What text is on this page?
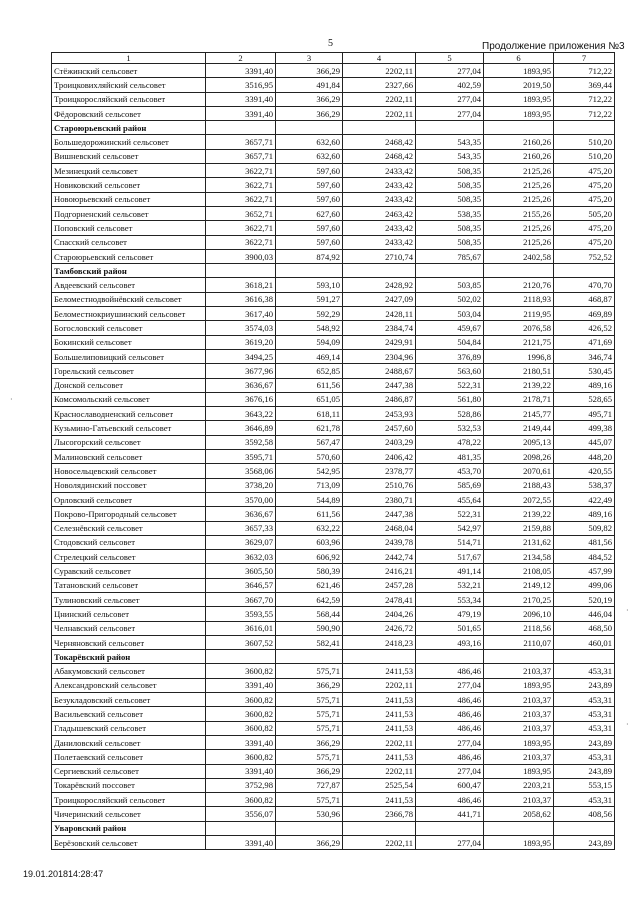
5	Продолжение приложения №3
1	2	3	4	5	6	7
Стёжинский сельсовет	3391,40	366,29	2202,11	277,04	1893,95	712,22
Троицковихляйский сельсовет	3516,95	491,84	2327,66	402,59	2019,50	369,44
Троицкоросляйский сельсовет	3391,40	366,29	2202,11	277,04	1893,95	712,22
Фёдоровский сельсовет	3391,40	366,29	2202,11	277,04	1893,95	712,22
Староюрьевский район						
Большедорожинский сельсовет	3657,71	632,60	2468,42	543,35	2160,26	510,20
Вишневский сельсовет	3657,71	632,60	2468,42	543,35	2160,26	510,20
Мезинецкий сельсовет	3622,71	597,60	2433,42	508,35	2125,26	475,20
Новиковский сельсовет	3622,71	597,60	2433,42	508,35	2125,26	475,20
Новоюрьевский сельсовет	3622,71	597,60	2433,42	508,35	2125,26	475,20
Подгорненский сельсовет	3652,71	627,60	2463,42	538,35	2155,26	505,20
Поповский сельсовет	3622,71	597,60	2433,42	508,35	2125,26	475,20
Спасский сельсовет	3622,71	597,60	2433,42	508,35	2125,26	475,20
Староюрьевский сельсовет	3900,03	874,92	2710,74	785,67	2402,58	752,52
Тамбовский район						
Авдеевский сельсовет	3618,21	593,10	2428,92	503,85	2120,76	470,70
Беломестнодвойнёвский сельсовет	3616,38	591,27	2427,09	502,02	2118,93	468,87
Беломестнокриушинский сельсовет	3617,40	592,29	2428,11	503,04	2119,95	469,89
Богословский сельсовет	3574,03	548,92	2384,74	459,67	2076,58	426,52
Бокинский сельсовет	3619,20	594,09	2429,91	504,84	2121,75	471,69
Большелиповицкий сельсовет	3494,25	469,14	2304,96	376,89	1996,8	346,74
Горельский сельсовет	3677,96	652,85	2488,67	563,60	2180,51	530,45
Донской сельсовет	3636,67	611,56	2447,38	522,31	2139,22	489,16
Комсомольский сельсовет	3676,16	651,05	2486,87	561,80	2178,71	528,65
Краснославодненский сельсовет	3643,22	618,11	2453,93	528,86	2145,77	495,71
Кузьмино-Гатьевский сельсовет	3646,89	621,78	2457,60	532,53	2149,44	499,38
Лысогорский сельсовет	3592,58	567,47	2403,29	478,22	2095,13	445,07
Малиновский сельсовет	3595,71	570,60	2406,42	481,35	2098,26	448,20
Новосельцевский сельсовет	3568,06	542,95	2378,77	453,70	2070,61	420,55
Новолядинский поссовет	3738,20	713,09	2510,76	585,69	2188,43	538,37
Орловский сельсовет	3570,00	544,89	2380,71	455,64	2072,55	422,49
Покрово-Пригородный сельсовет	3636,67	611,56	2447,38	522,31	2139,22	489,16
Селезнёвский сельсовет	3657,33	632,22	2468,04	542,97	2159,88	509,82
Стодовский сельсовет	3629,07	603,96	2439,78	514,71	2131,62	481,56
Стрелецкий сельсовет	3632,03	606,92	2442,74	517,67	2134,58	484,52
Суравский сельсовет	3605,50	580,39	2416,21	491,14	2108,05	457,99
Татановский сельсовет	3646,57	621,46	2457,28	532,21	2149,12	499,06
Тулиновский сельсовет	3667,70	642,59	2478,41	553,34	2170,25	520,19
Цнинский сельсовет	3593,55	568,44	2404,26	479,19	2096,10	446,04
Челнавский сельсовет	3616,01	590,90	2426,72	501,65	2118,56	468,50
Черняновский сельсовет	3607,52	582,41	2418,23	493,16	2110,07	460,01
Токарёвский район						
Абакумовский сельсовет	3600,82	575,71	2411,53	486,46	2103,37	453,31
Александровский сельсовет	3391,40	366,29	2202,11	277,04	1893,95	243,89
Безукладовский сельсовет	3600,82	575,71	2411,53	486,46	2103,37	453,31
Васильевский сельсовет	3600,82	575,71	2411,53	486,46	2103,37	453,31
Гладышевский сельсовет	3600,82	575,71	2411,53	486,46	2103,37	453,31
Даниловский сельсовет	3391,40	366,29	2202,11	277,04	1893,95	243,89
Полетаевский сельсовет	3600,82	575,71	2411,53	486,46	2103,37	453,31
Сергиевский сельсовет	3391,40	366,29	2202,11	277,04	1893,95	243,89
Токарёвский поссовет	3752,98	727,87	2525,54	600,47	2203,21	553,15
Троицкоросляйский сельсовет	3600,82	575,71	2411,53	486,46	2103,37	453,31
Чичеринский сельсовет	3556,07	530,96	2366,78	441,71	2058,62	408,56
Уваровский район						
Берёзовский сельсовет	3391,40	366,29	2202,11	277,04	1893,95	243,89
19.01.201814:28:47
·
·
·
